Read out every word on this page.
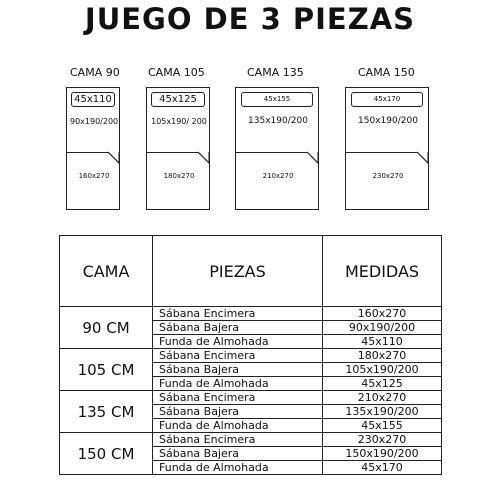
JUEGO DE 3 PIEZAS
CAMA 90
45x110
90x190/200
160x270
CAMA 105
45x125
105x190/ 200
180x270
CAMA 135
45x155
135x190/200
210x270
CAMA 150
45x170
150x190/200
230x270
CAMA	PIEZAS	MEDIDAS
90 CM	Sábana Encimera	160x270
	Sábana Bajera	90x190/200
	Funda de Almohada	45x110
105 CM	Sábana Encimera	180x270
	Sábana Bajera	105x190/200
	Funda de Almohada	45x125
135 CM	Sábana Encimera	210x270
	Sábana Bajera	135x190/200
	Funda de Almohada	45x155
150 CM	Sábana Encimera	230x270
	Sábana Bajera	150x190/200
	Funda de Almohada	45x170
